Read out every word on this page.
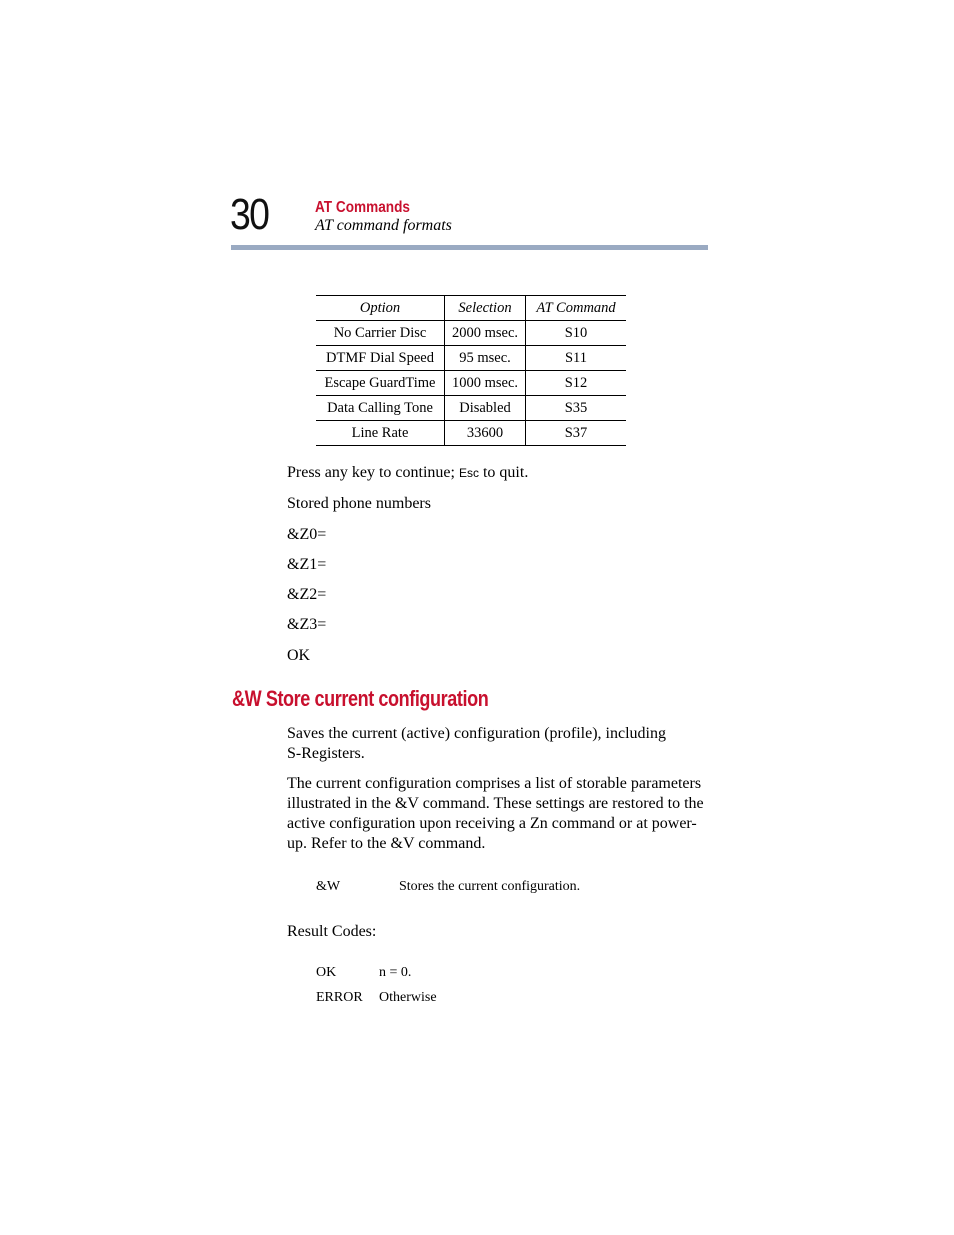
30	AT Commands
AT command formats
Option	Selection	AT Command
No Carrier Disc	2000 msec.	S10
DTMF Dial Speed	95 msec.	S11
Escape GuardTime	1000 msec.	S12
Data Calling Tone	Disabled	S35
Line Rate	33600	S37
Press any key to continue; Esc to quit.
Stored phone numbers
&Z0=
&Z1=
&Z2=
&Z3=
OK
&W Store current configuration
Saves the current (active) configuration (profile), including S-Registers.
The current configuration comprises a list of storable parameters illustrated in the &V command. These settings are restored to the active configuration upon receiving a Zn command or at power-up. Refer to the &V command.
&W	Stores the current configuration.
Result Codes:
OK	n = 0.
ERROR Otherwise
